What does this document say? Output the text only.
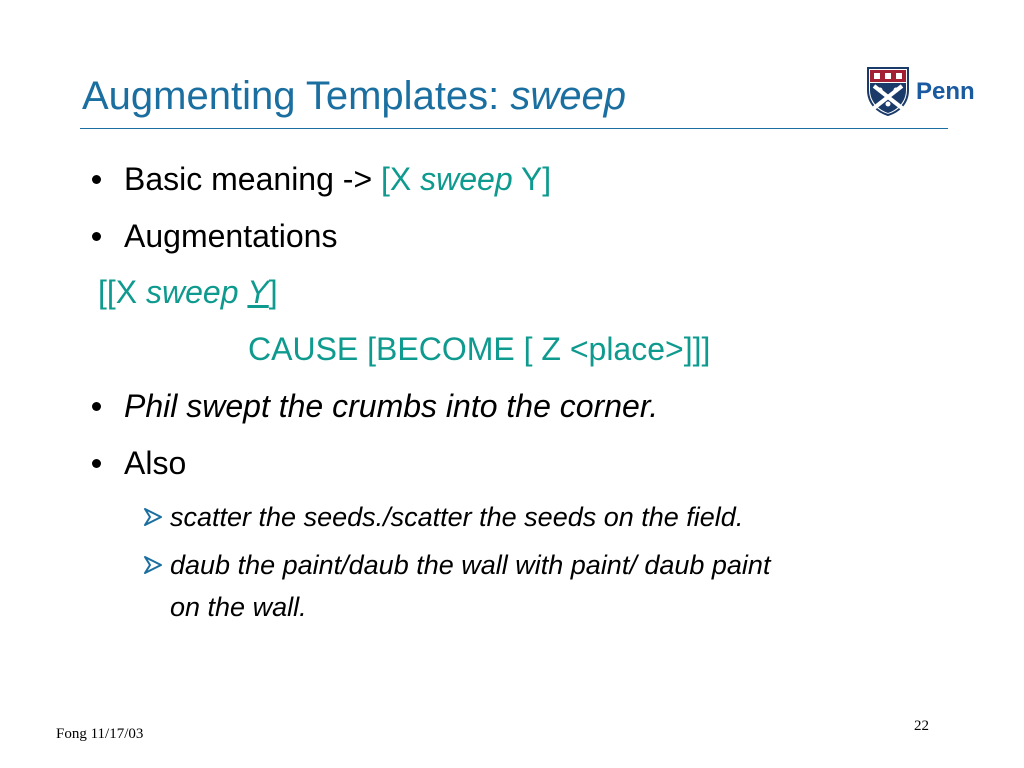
Augmenting Templates: sweep	Penn
Basic meaning -> [X sweep Y]
Augmentations
[[X sweep Y]
CAUSE [BECOME [ Z <place>]]]
Phil swept the crumbs into the corner.
Also
scatter the seeds./scatter the seeds on the field.
daub the paint/daub the wall with paint/ daub paint
on the wall.
Fong 11/17/03	22
